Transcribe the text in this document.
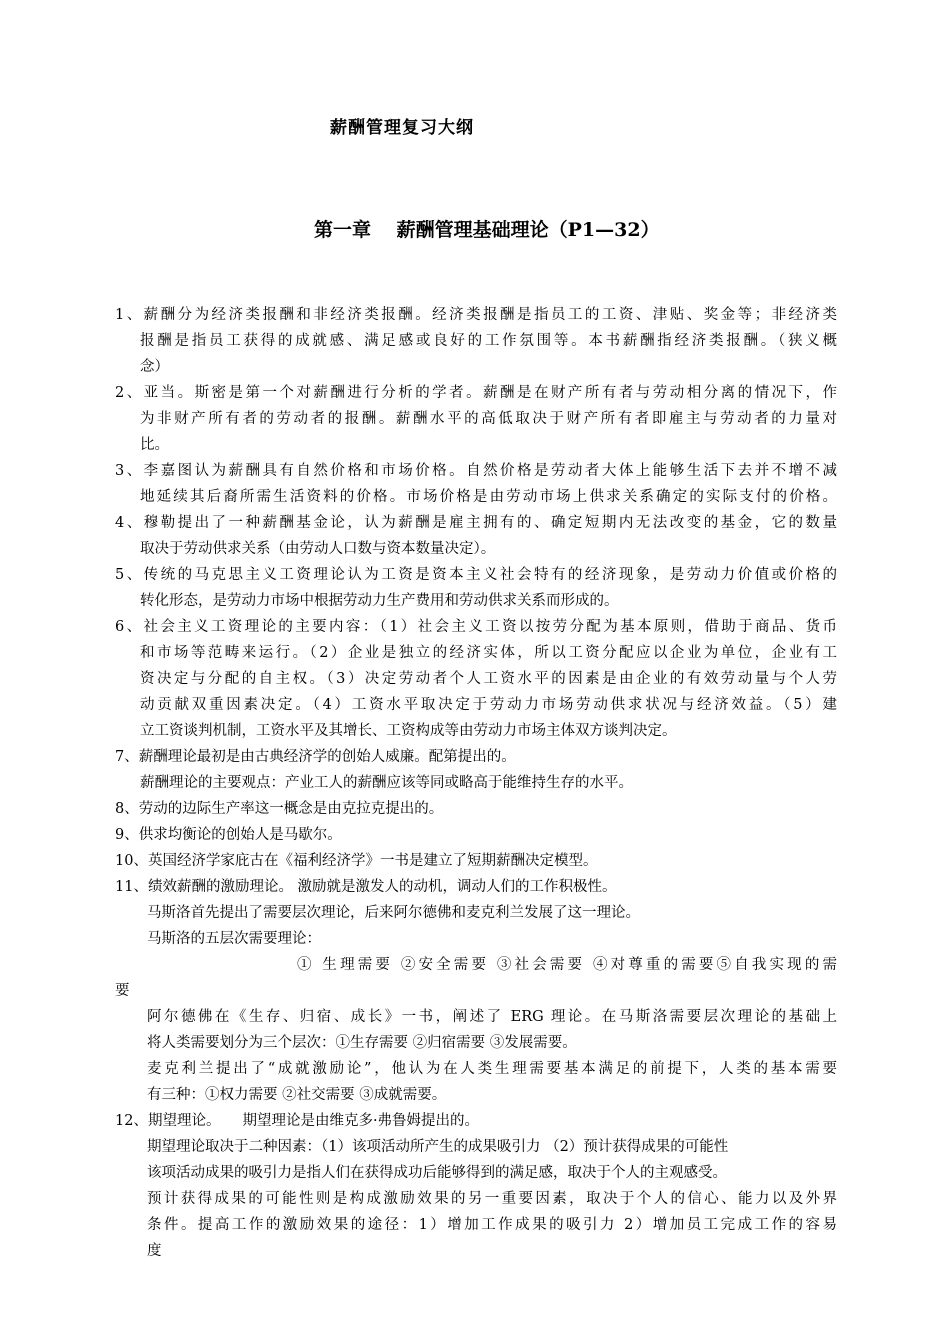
薪酬管理复习大纲
第一章　 薪酬管理基础理论（P1—32）
1、薪酬分为经济类报酬和非经济类报酬。经济类报酬是指员工的工资、津贴、奖金等；非经济类
报酬是指员工获得的成就感、满足感或良好的工作氛围等。本书薪酬指经济类报酬。（狭义概
念）
2、亚当。斯密是第一个对薪酬进行分析的学者。薪酬是在财产所有者与劳动相分离的情况下，作
为非财产所有者的劳动者的报酬。薪酬水平的高低取决于财产所有者即雇主与劳动者的力量对
比。
3、李嘉图认为薪酬具有自然价格和市场价格。自然价格是劳动者大体上能够生活下去并不增不减
地延续其后裔所需生活资料的价格。市场价格是由劳动市场上供求关系确定的实际支付的价格。
4、穆勒提出了一种薪酬基金论，认为薪酬是雇主拥有的、确定短期内无法改变的基金，它的数量
取决于劳动供求关系（由劳动人口数与资本数量决定）。
5、传统的马克思主义工资理论认为工资是资本主义社会特有的经济现象，是劳动力价值或价格的
转化形态，是劳动力市场中根据劳动力生产费用和劳动供求关系而形成的。
6、社会主义工资理论的主要内容：（1）社会主义工资以按劳分配为基本原则，借助于商品、货币
和市场等范畴来运行。（2）企业是独立的经济实体，所以工资分配应以企业为单位，企业有工
资决定与分配的自主权。（3）决定劳动者个人工资水平的因素是由企业的有效劳动量与个人劳
动贡献双重因素决定。（4）工资水平取决定于劳动力市场劳动供求状况与经济效益。（5）建
立工资谈判机制，工资水平及其增长、工资构成等由劳动力市场主体双方谈判决定。
7、薪酬理论最初是由古典经济学的创始人威廉。配第提出的。
薪酬理论的主要观点：产业工人的薪酬应该等同或略高于能维持生存的水平。
8、劳动的边际生产率这一概念是由克拉克提出的。
9、供求均衡论的创始人是马歇尔。
10、英国经济学家庇古在《福利经济学》一书是建立了短期薪酬决定模型。
11、绩效薪酬的激励理论。 激励就是激发人的动机，调动人们的工作积极性。
马斯洛首先提出了需要层次理论，后来阿尔德佛和麦克利兰发展了这一理论。
马斯洛的五层次需要理论：
① 生理需要 ②安全需要 ③社会需要 ④对尊重的需要⑤自我实现的需
要
阿尔德佛在《生存、归宿、成长》一书，阐述了 ERG 理论。在马斯洛需要层次理论的基础上
将人类需要划分为三个层次：①生存需要 ②归宿需要 ③发展需要。
麦克利兰提出了“成就激励论”，他认为在人类生理需要基本满足的前提下，人类的基本需要
有三种：①权力需要 ②社交需要 ③成就需要。
12、期望理论。 期望理论是由维克多·弗鲁姆提出的。
期望理论取决于二种因素：（1）该项活动所产生的成果吸引力 （2）预计获得成果的可能性
该项活动成果的吸引力是指人们在获得成功后能够得到的满足感，取决于个人的主观感受。
预计获得成果的可能性则是构成激励效果的另一重要因素，取决于个人的信心、能力以及外界
条件。提高工作的激励效果的途径：1）增加工作成果的吸引力 2）增加员工完成工作的容易
度
